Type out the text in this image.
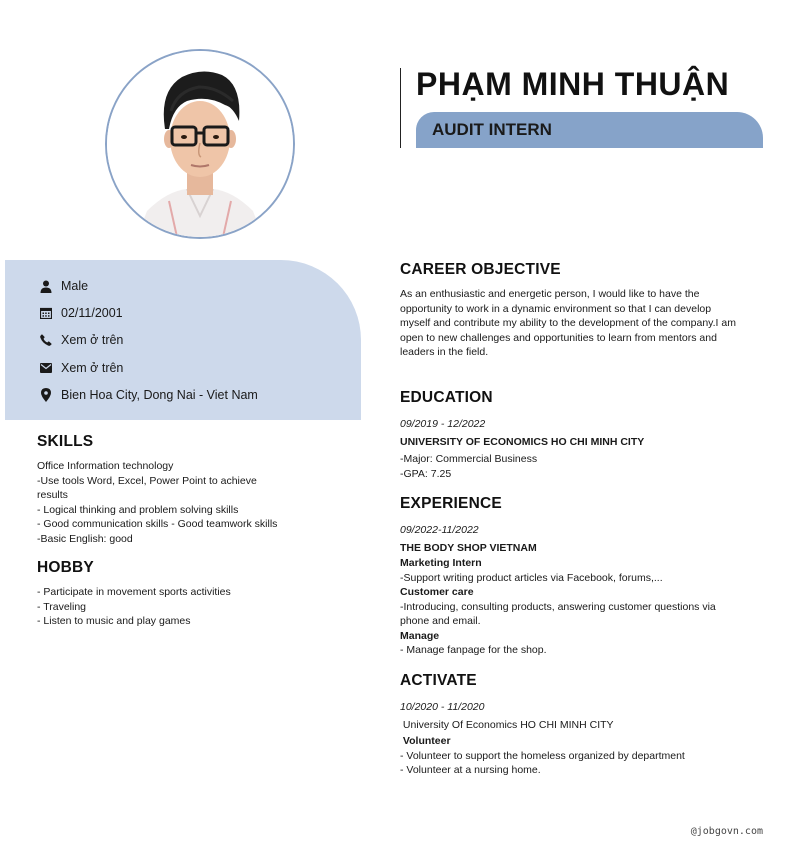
PHẠM MINH THUẬN
AUDIT INTERN
Male
02/11/2001
Xem ở trên
Xem ở trên
Bien Hoa City, Dong Nai - Viet Nam
SKILLS
Office Information technology
-Use tools Word, Excel, Power Point to achieve
results
- Logical thinking and problem solving skills
- Good communication skills - Good teamwork skills
-Basic English: good
HOBBY
- Participate in movement sports activities
- Traveling
- Listen to music and play games
CAREER OBJECTIVE
As an enthusiastic and energetic person, I would like to have the
opportunity to work in a dynamic environment so that I can develop
myself and contribute my ability to the development of the company.I am
open to new challenges and opportunities to learn from mentors and
leaders in the field.
EDUCATION
09/2019 - 12/2022
UNIVERSITY OF ECONOMICS HO CHI MINH CITY
-Major: Commercial Business
-GPA: 7.25
EXPERIENCE
09/2022-11/2022
THE BODY SHOP VIETNAM
Marketing Intern
-Support writing product articles via Facebook, forums,...
Customer care
-Introducing, consulting products, answering customer questions via
phone and email.
Manage
- Manage fanpage for the shop.
ACTIVATE
10/2020 - 11/2020
University Of Economics HO CHI MINH CITY
Volunteer
- Volunteer to support the homeless organized by department
- Volunteer at a nursing home.
@jobgovn.com
